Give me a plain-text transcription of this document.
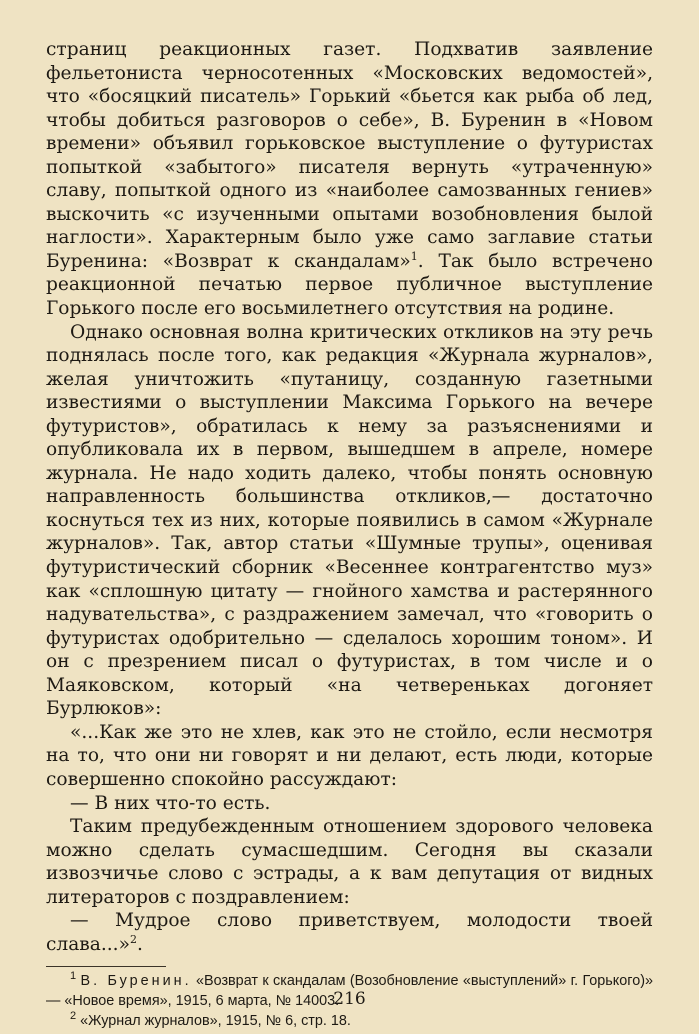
страниц реакционных газет. Подхватив заявление фельетониста черносотенных «Московских ведомостей», что «босяцкий писатель» Горький «бьется как рыба об лед, чтобы добиться разговоров о себе», В. Буренин в «Новом времени» объявил горьковское выступление о футуристах попыткой «забытого» писателя вернуть «утраченную» славу, попыткой одного из «наиболее самозванных гениев» выскочить «с изученными опытами возобновления былой наглости». Характерным было уже само заглавие статьи Буренина: «Возврат к скандалам»$^1$. Так было встречено реакционной печатью первое публичное выступление Горького после его восьмилетнего отсутствия на родине.

Однако основная волна критических откликов на эту речь поднялась после того, как редакция «Журнала журналов», желая уничтожить «путаницу, созданную газетными известиями о выступлении Максима Горького на вечере футуристов», обратилась к нему за разъяснениями и опубликовала их в первом, вышедшем в апреле, номере журнала. Не надо ходить далеко, чтобы понять основную направленность большинства откликов,— достаточно коснуться тех из них, которые появились в самом «Журнале журналов». Так, автор статьи «Шумные трупы», оценивая футуристический сборник «Весеннее контрагентство муз» как «сплошную цитату — гнойного хамства и растерянного надувательства», с раздражением замечал, что «говорить о футуристах одобрительно — сделалось хорошим тоном». И он с презрением писал о футуристах, в том числе и о Маяковском, который «на четвереньках догоняет Бурлюков»:

«...Как же это не хлев, как это не стойло, если несмотря на то, что они ни говорят и ни делают, есть люди, которые совершенно спокойно рассуждают:

— В них что-то есть.

Таким предубежденным отношением здорового человека можно сделать сумасшедшим. Сегодня вы сказали извозчичье слово с эстрады, а к вам депутация от видных литераторов с поздравлением:

— Мудрое слово приветствуем, молодости твоей слава...»$^2$.

$^1$ В. Буренин. «Возврат к скандалам (Возобновление «выступлений» г. Горького)» — «Новое время», 1915, 6 марта, № 14003.

$^2$ «Журнал журналов», 1915, № 6, стр. 18.

216
